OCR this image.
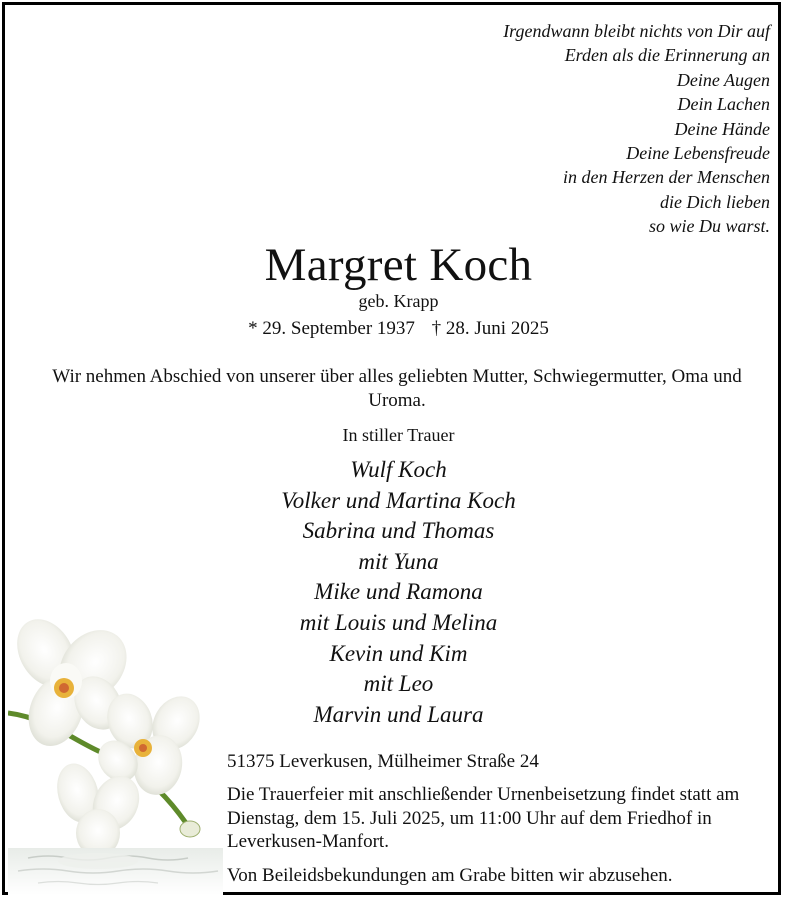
Irgendwann bleibt nichts von Dir auf
Erden als die Erinnerung an
Deine Augen
Dein Lachen
Deine Hände
Deine Lebensfreude
in den Herzen der Menschen
die Dich lieben
so wie Du warst.
Margret Koch
geb. Krapp
* 29. September 1937 † 28. Juni 2025
Wir nehmen Abschied von unserer über alles geliebten Mutter, Schwiegermutter, Oma und Uroma.
In stiller Trauer
Wulf Koch
Volker und Martina Koch
Sabrina und Thomas
mit Yuna
Mike und Ramona
mit Louis und Melina
Kevin und Kim
mit Leo
Marvin und Laura
51375 Leverkusen, Mülheimer Straße 24
Die Trauerfeier mit anschließender Urnenbeisetzung findet statt am Dienstag, dem 15. Juli 2025, um 11:00 Uhr auf dem Friedhof in Leverkusen-Manfort.
Von Beileidsbekundungen am Grabe bitten wir abzusehen.
